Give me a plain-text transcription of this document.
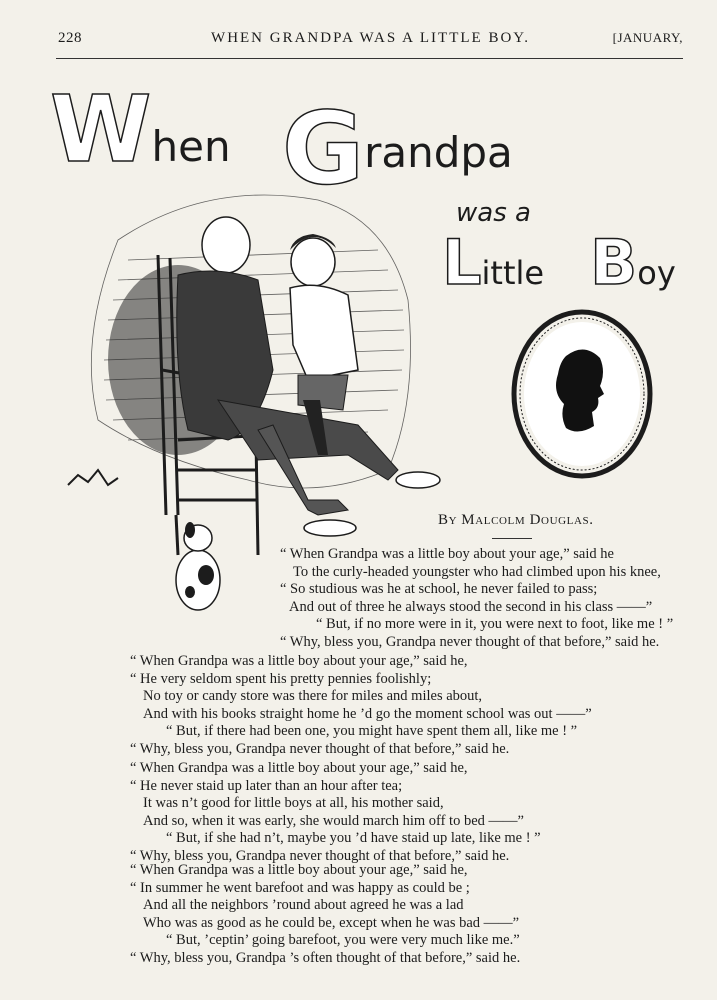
228	WHEN GRANDPA WAS A LITTLE BOY.	[JANUARY,
When Grandpa
was a
Little Boy
By Malcolm Douglas.
“ When Grandpa was a little boy about your age,” said he
To the curly-headed youngster who had climbed upon his knee,
“ So studious was he at school, he never failed to pass;
And out of three he always stood the second in his class ——”
“ But, if no more were in it, you were next to foot, like me ! ”
“ Why, bless you, Grandpa never thought of that before,” said he.
“ When Grandpa was a little boy about your age,” said he,
“ He very seldom spent his pretty pennies foolishly;
No toy or candy store was there for miles and miles about,
And with his books straight home he ’d go the moment school was out ——”
“ But, if there had been one, you might have spent them all, like me ! ”
“ Why, bless you, Grandpa never thought of that before,” said he.
“ When Grandpa was a little boy about your age,” said he,
“ He never staid up later than an hour after tea;
It was n’t good for little boys at all, his mother said,
And so, when it was early, she would march him off to bed ——”
“ But, if she had n’t, maybe you ’d have staid up late, like me ! ”
“ Why, bless you, Grandpa never thought of that before,” said he.
“ When Grandpa was a little boy about your age,” said he,
“ In summer he went barefoot and was happy as could be ;
And all the neighbors ’round about agreed he was a lad
Who was as good as he could be, except when he was bad ——”
“ But, ’ceptin’ going barefoot, you were very much like me.”
“ Why, bless you, Grandpa ’s often thought of that before,” said he.
